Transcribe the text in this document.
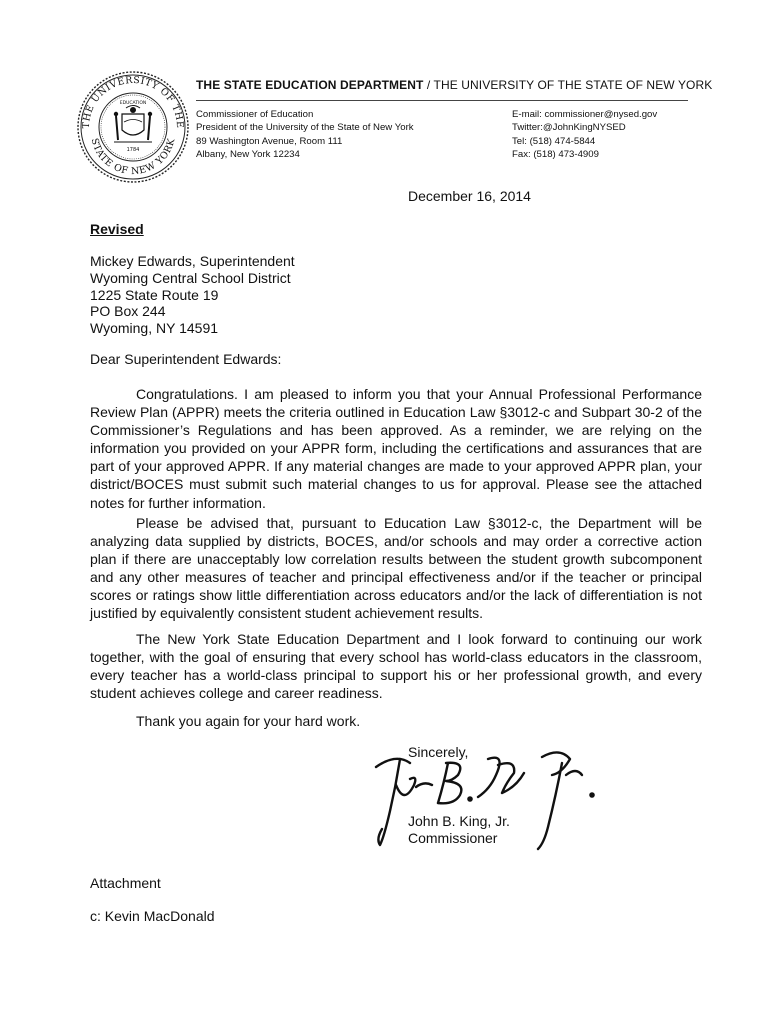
THE UNIVERSITY OF THE
STATE OF NEW YORK
EDUCATION
1784
THE STATE EDUCATION DEPARTMENT / THE UNIVERSITY OF THE STATE OF NEW YORK
Commissioner of Education
President of the University of the State of New York
89 Washington Avenue, Room 111
Albany, New York 12234
E-mail: commissioner@nysed.gov
Twitter:@JohnKingNYSED
Tel: (518) 474-5844
Fax: (518) 473-4909
December 16, 2014
Revised
Mickey Edwards, Superintendent
Wyoming Central School District
1225 State Route 19
PO Box 244
Wyoming, NY 14591
Dear Superintendent Edwards:
Congratulations. I am pleased to inform you that your Annual Professional Performance Review Plan (APPR) meets the criteria outlined in Education Law §3012-c and Subpart 30-2 of the Commissioner’s Regulations and has been approved. As a reminder, we are relying on the information you provided on your APPR form, including the certifications and assurances that are part of your approved APPR. If any material changes are made to your approved APPR plan, your district/BOCES must submit such material changes to us for approval. Please see the attached notes for further information.
Please be advised that, pursuant to Education Law §3012-c, the Department will be analyzing data supplied by districts, BOCES, and/or schools and may order a corrective action plan if there are unacceptably low correlation results between the student growth subcomponent and any other measures of teacher and principal effectiveness and/or if the teacher or principal scores or ratings show little differentiation across educators and/or the lack of differentiation is not justified by equivalently consistent student achievement results.
The New York State Education Department and I look forward to continuing our work together, with the goal of ensuring that every school has world-class educators in the classroom, every teacher has a world-class principal to support his or her professional growth, and every student achieves college and career readiness.
Thank you again for your hard work.
Sincerely,
John B. King, Jr.
Commissioner
Attachment
c: Kevin MacDonald
